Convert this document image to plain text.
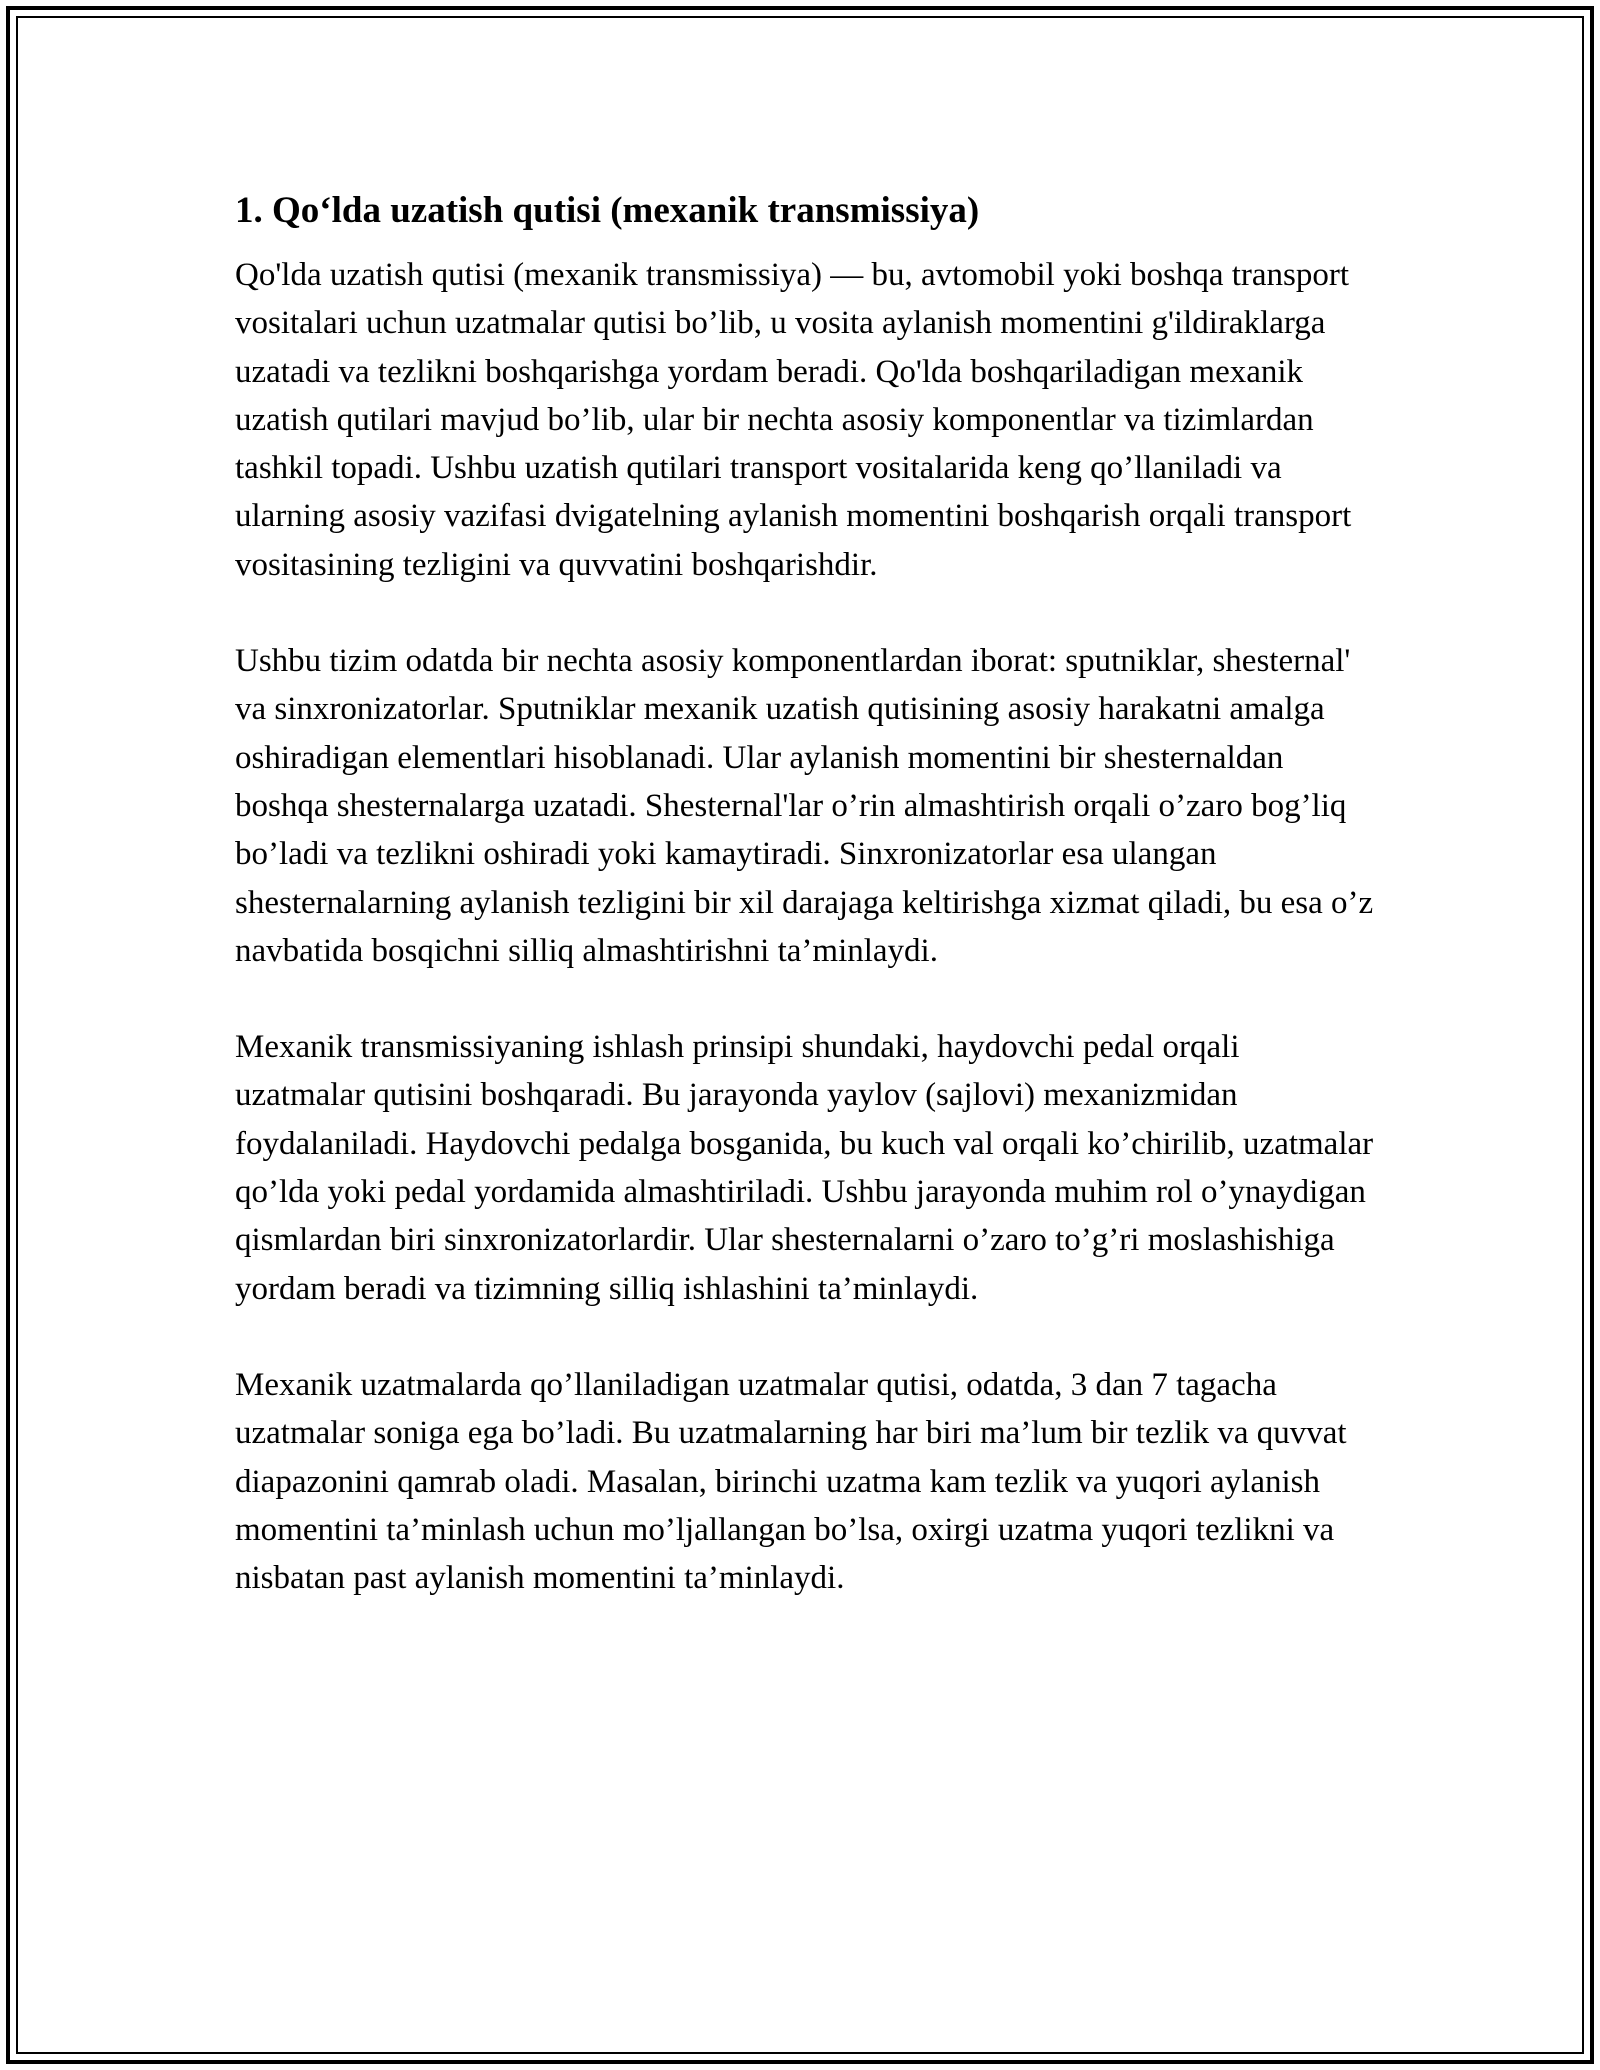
1. Qo‘lda uzatish qutisi (mexanik transmissiya)

Qo'lda uzatish qutisi (mexanik transmissiya) — bu, avtomobil yoki boshqa transport vositalari uchun uzatmalar qutisi bo’lib, u vosita aylanish momentini g'ildiraklarga uzatadi va tezlikni boshqarishga yordam beradi. Qo'lda boshqariladigan mexanik uzatish qutilari mavjud bo’lib, ular bir nechta asosiy komponentlar va tizimlardan tashkil topadi. Ushbu uzatish qutilari transport vositalarida keng qo’llaniladi va ularning asosiy vazifasi dvigatelning aylanish momentini boshqarish orqali transport vositasining tezligini va quvvatini boshqarishdir.

Ushbu tizim odatda bir nechta asosiy komponentlardan iborat: sputniklar, shesternal' va sinxronizatorlar. Sputniklar mexanik uzatish qutisining asosiy harakatni amalga oshiradigan elementlari hisoblanadi. Ular aylanish momentini bir shesternaldan boshqa shesternalarga uzatadi. Shesternal'lar o’rin almashtirish orqali o’zaro bog’liq bo’ladi va tezlikni oshiradi yoki kamaytiradi. Sinxronizatorlar esa ulangan shesternalarning aylanish tezligini bir xil darajaga keltirishga xizmat qiladi, bu esa o’z navbatida bosqichni silliq almashtirishni ta’minlaydi.

Mexanik transmissiyaning ishlash prinsipi shundaki, haydovchi pedal orqali uzatmalar qutisini boshqaradi. Bu jarayonda yaylov (sajlovi) mexanizmidan foydalaniladi. Haydovchi pedalga bosganida, bu kuch val orqali ko’chirilib, uzatmalar qo’lda yoki pedal yordamida almashtiriladi. Ushbu jarayonda muhim rol o’ynaydigan qismlardan biri sinxronizatorlardir. Ular shesternalarni o’zaro to’g’ri moslashishiga yordam beradi va tizimning silliq ishlashini ta’minlaydi.

Mexanik uzatmalarda qo’llaniladigan uzatmalar qutisi, odatda, 3 dan 7 tagacha uzatmalar soniga ega bo’ladi. Bu uzatmalarning har biri ma’lum bir tezlik va quvvat diapazonini qamrab oladi. Masalan, birinchi uzatma kam tezlik va yuqori aylanish momentini ta’minlash uchun mo’ljallangan bo’lsa, oxirgi uzatma yuqori tezlikni va nisbatan past aylanish momentini ta’minlaydi.
